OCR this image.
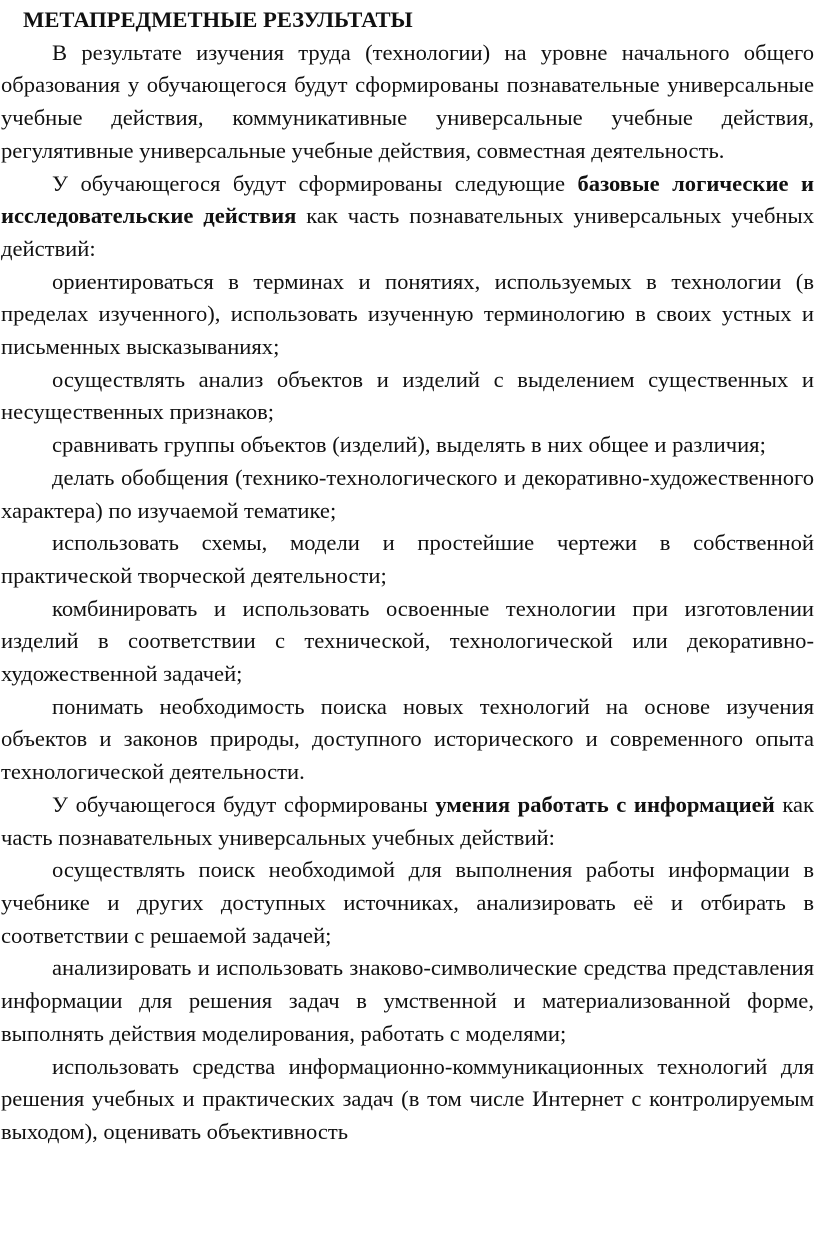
МЕТАПРЕДМЕТНЫЕ РЕЗУЛЬТАТЫ

В результате изучения труда (технологии) на уровне начального общего образования у обучающегося будут сформированы познавательные универсальные учебные действия, коммуникативные универсальные учебные действия, регулятивные универсальные учебные действия, совместная деятельность.

У обучающегося будут сформированы следующие базовые логические и исследовательские действия как часть познавательных универсальных учебных действий:

ориентироваться в терминах и понятиях, используемых в технологии (в пределах изученного), использовать изученную терминологию в своих устных и письменных высказываниях;

осуществлять анализ объектов и изделий с выделением существенных и несущественных признаков;

сравнивать группы объектов (изделий), выделять в них общее и различия;

делать обобщения (технико-технологического и декоративно-художественного характера) по изучаемой тематике;

использовать схемы, модели и простейшие чертежи в собственной практической творческой деятельности;

комбинировать и использовать освоенные технологии при изготовлении изделий в соответствии с технической, технологической или декоративно-художественной задачей;

понимать необходимость поиска новых технологий на основе изучения объектов и законов природы, доступного исторического и современного опыта технологической деятельности.

У обучающегося будут сформированы умения работать с информацией как часть познавательных универсальных учебных действий:

осуществлять поиск необходимой для выполнения работы информации в учебнике и других доступных источниках, анализировать её и отбирать в соответствии с решаемой задачей;

анализировать и использовать знаково-символические средства представления информации для решения задач в умственной и материализованной форме, выполнять действия моделирования, работать с моделями;

использовать средства информационно-коммуникационных технологий для решения учебных и практических задач (в том числе Интернет с контролируемым выходом), оценивать объективность
